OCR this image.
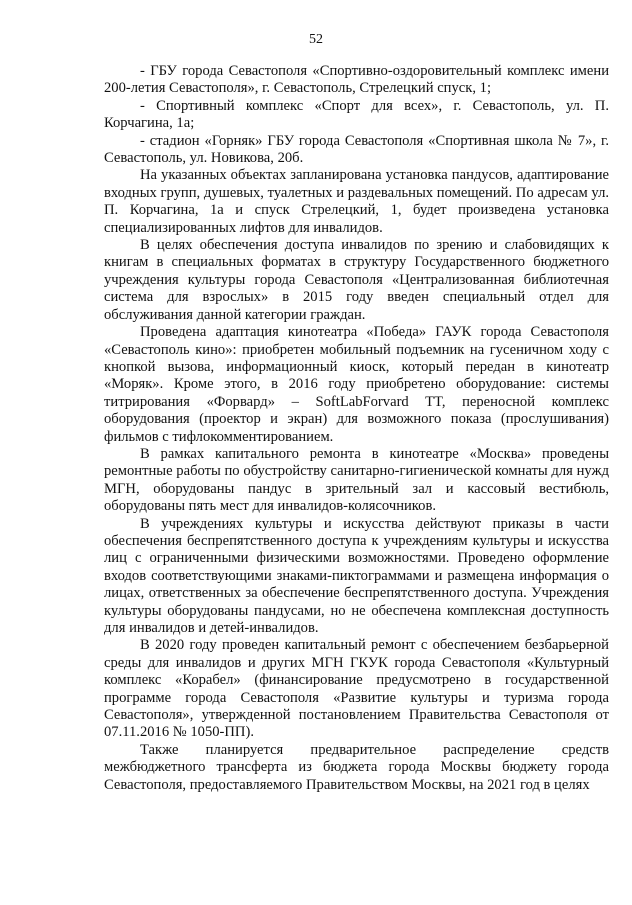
52

- ГБУ города Севастополя «Спортивно-оздоровительный комплекс имени 200-летия Севастополя», г. Севастополь, Стрелецкий спуск, 1;

- Спортивный комплекс «Спорт для всех», г. Севастополь, ул. П. Корчагина, 1а;

- стадион «Горняк» ГБУ города Севастополя «Спортивная школа № 7», г. Севастополь, ул. Новикова, 20б.

На указанных объектах запланирована установка пандусов, адаптирование входных групп, душевых, туалетных и раздевальных помещений. По адресам ул. П. Корчагина, 1а и спуск Стрелецкий, 1, будет произведена установка специализированных лифтов для инвалидов.

В целях обеспечения доступа инвалидов по зрению и слабовидящих к книгам в специальных форматах в структуру Государственного бюджетного учреждения культуры города Севастополя «Централизованная библиотечная система для взрослых» в 2015 году введен специальный отдел для обслуживания данной категории граждан.

Проведена адаптация кинотеатра «Победа» ГАУК города Севастополя «Севастополь кино»: приобретен мобильный подъемник на гусеничном ходу с кнопкой вызова, информационный киоск, который передан в кинотеатр «Моряк». Кроме этого, в 2016 году приобретено оборудование: системы титрирования «Форвард» – SoftLabForvard TT, переносной комплекс оборудования (проектор и экран) для возможного показа (прослушивания) фильмов с тифлокомментированием.

В рамках капитального ремонта в кинотеатре «Москва» проведены ремонтные работы по обустройству санитарно-гигиенической комнаты для нужд МГН, оборудованы пандус в зрительный зал и кассовый вестибюль, оборудованы пять мест для инвалидов-колясочников.

В учреждениях культуры и искусства действуют приказы в части обеспечения беспрепятственного доступа к учреждениям культуры и искусства лиц с ограниченными физическими возможностями. Проведено оформление входов соответствующими знаками-пиктограммами и размещена информация о лицах, ответственных за обеспечение беспрепятственного доступа. Учреждения культуры оборудованы пандусами, но не обеспечена комплексная доступность для инвалидов и детей-инвалидов.

В 2020 году проведен капитальный ремонт с обеспечением безбарьерной среды для инвалидов и других МГН ГКУК города Севастополя «Культурный комплекс «Корабел» (финансирование предусмотрено в государственной программе города Севастополя «Развитие культуры и туризма города Севастополя», утвержденной постановлением Правительства Севастополя от 07.11.2016 № 1050-ПП).

Также планируется предварительное распределение средств межбюджетного трансферта из бюджета города Москвы бюджету города Севастополя, предоставляемого Правительством Москвы, на 2021 год в целях
